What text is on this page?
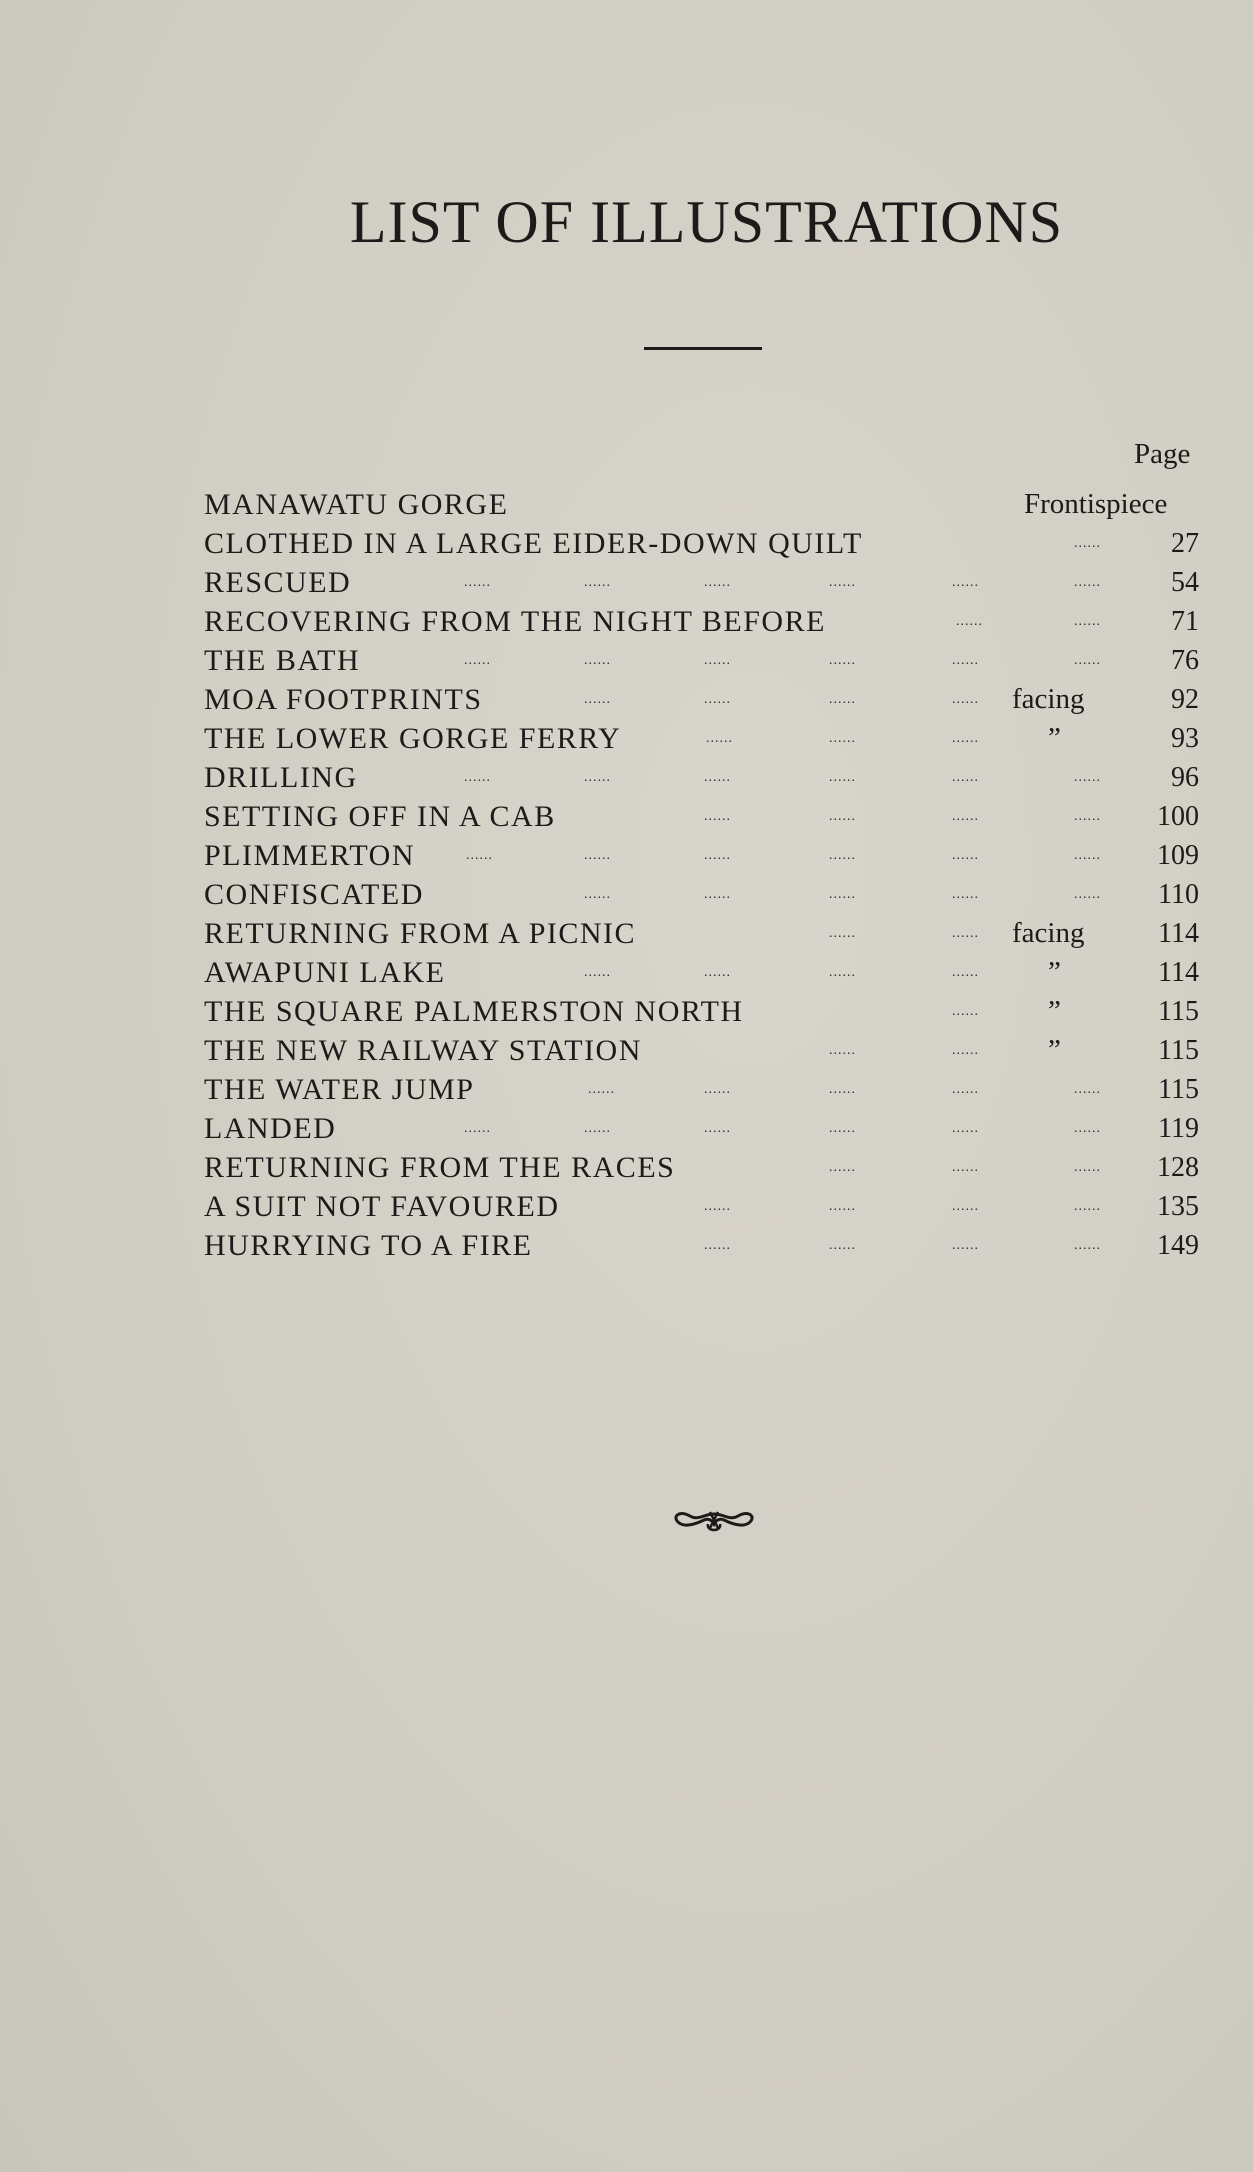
LIST OF ILLUSTRATIONS
Page
MANAWATU GORGE	Frontispiece
CLOTHED IN A LARGE EIDER-DOWN QUILT	......	27
RESCUED	......	......	......	......	......	......	54
RECOVERING FROM THE NIGHT BEFORE	......	......	71
THE BATH	......	......	......	......	......	......	76
MOA FOOTPRINTS	......	......	......	...... facing	92
THE LOWER GORGE FERRY	......	......	...... ”	93
DRILLING	......	......	......	......	......	......	96
SETTING OFF IN A CAB	......	......	......	...... 100
PLIMMERTON	......	......	......	......	......	...... 109
CONFISCATED	......	......	......	......	...... 110
RETURNING FROM A PICNIC	......	...... facing	114
AWAPUNI LAKE	......	......	......	...... ”	114
THE SQUARE PALMERSTON NORTH	...... ”	115
THE NEW RAILWAY STATION	......	...... ”	115
THE WATER JUMP	......	......	......	......	...... 115
LANDED	......	......	......	......	......	...... 119
RETURNING FROM THE RACES	......	......	...... 128
A SUIT NOT FAVOURED	......	......	......	...... 135
HURRYING TO A FIRE	......	......	......	...... 149
